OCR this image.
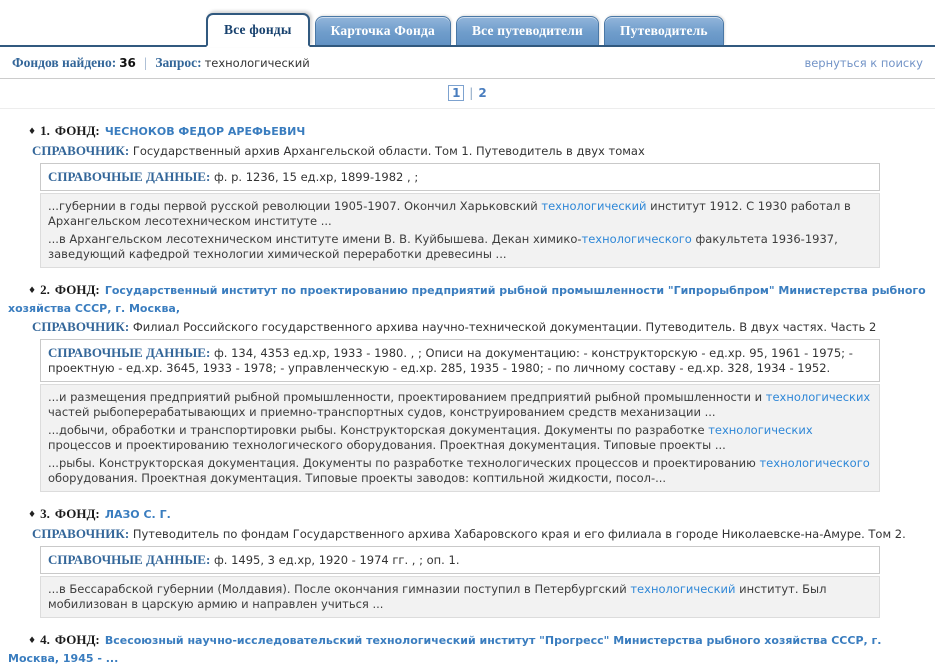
Все фонды	Карточка Фонда	Все путеводители	Путеводитель
Фондов найдено: 36 | Запрос: технологический	вернуться к поиску
1 | 2
♦ 1. ФОНД: ЧЕСНОКОВ ФЕДОР АРЕФЬЕВИЧ
СПРАВОЧНИК: Государственный архив Архангельской области. Том 1. Путеводитель в двух томах
СПРАВОЧНЫЕ ДАННЫЕ: ф. р. 1236, 15 ед.хр, 1899-1982 , ;

...губернии в годы первой русской революции 1905-1907. Окончил Харьковский технологический институт 1912. С 1930 работал в Архангельском лесотехническом институте ...

...в Архангельском лесотехническом институте имени В. В. Куйбышева. Декан химико-технологического факультета 1936-1937, заведующий кафедрой технологии химической переработки древесины ...

♦ 2. ФОНД: Государственный институт по проектированию предприятий рыбной промышленности "Гипрорыбпром" Министерства рыбного хозяйства СССР, г. Москва,
СПРАВОЧНИК: Филиал Российского государственного архива научно-технической документации. Путеводитель. В двух частях. Часть 2
СПРАВОЧНЫЕ ДАННЫЕ: ф. 134, 4353 ед.хр, 1933 - 1980. , ; Описи на документацию: - конструкторскую - ед.хр. 95, 1961 - 1975; - проектную - ед.хр. 3645, 1933 - 1978; - управленческую - ед.хр. 285, 1935 - 1980; - по личному составу - ед.хр. 328, 1934 - 1952.

...и размещения предприятий рыбной промышленности, проектированием предприятий рыбной промышленности и технологических частей рыбоперерабатывающих и приемно-транспортных судов, конструированием средств механизации ...

...добычи, обработки и транспортировки рыбы. Конструкторская документация. Документы по разработке технологических процессов и проектированию технологического оборудования. Проектная документация. Типовые проекты ...

...рыбы. Конструкторская документация. Документы по разработке технологических процессов и проектированию технологического оборудования. Проектная документация. Типовые проекты заводов: коптильной жидкости, посол-...

♦ 3. ФОНД: ЛАЗО С. Г.
СПРАВОЧНИК: Путеводитель по фондам Государственного архива Хабаровского края и его филиала в городе Николаевске-на-Амуре. Том 2.
СПРАВОЧНЫЕ ДАННЫЕ: ф. 1495, 3 ед.хр, 1920 - 1974 гг. , ; оп. 1.

...в Бессарабской губернии (Молдавия). После окончания гимназии поступил в Петербургский технологический институт. Был мобилизован в царскую армию и направлен учиться ...

♦ 4. ФОНД: Всесоюзный научно-исследовательский технологический институт "Прогресс" Министерства рыбного хозяйства СССР, г. Москва, 1945 - ...
